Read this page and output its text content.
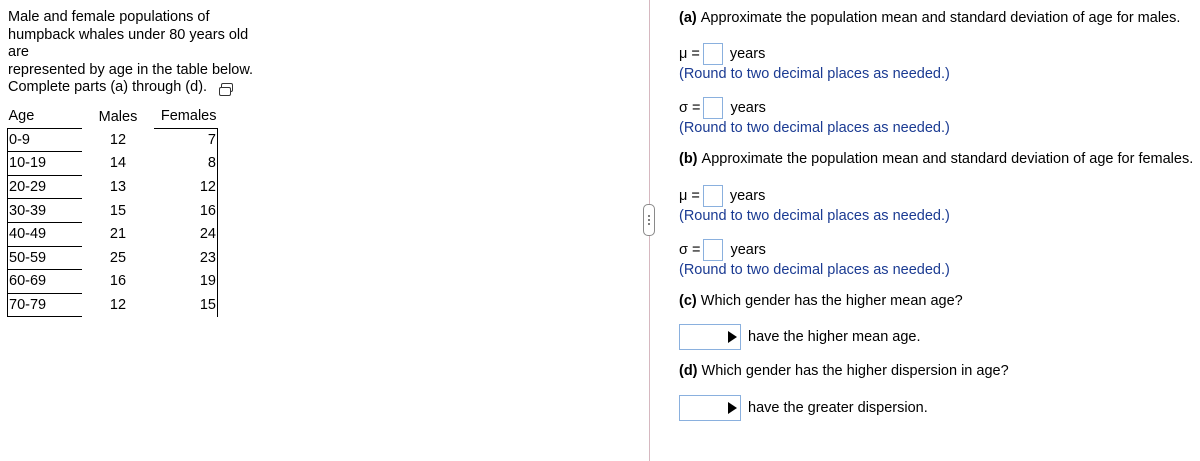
Male and female populations of
humpback whales under 80 years old are
represented by age in the table below.
Complete parts (a) through (d).
Age	Males	Females
0-9	12	7
10-19	14	8
20-29	13	12
30-39	15	16
40-49	21	24
50-59	25	23
60-69	16	19
70-79	12	15
(a) Approximate the population mean and standard deviation of age for males.
μ = years
(Round to two decimal places as needed.)
σ = years
(Round to two decimal places as needed.)
(b) Approximate the population mean and standard deviation of age for females.
μ = years
(Round to two decimal places as needed.)
σ = years
(Round to two decimal places as needed.)
(c) Which gender has the higher mean age?
have the higher mean age.
(d) Which gender has the higher dispersion in age?
have the greater dispersion.
